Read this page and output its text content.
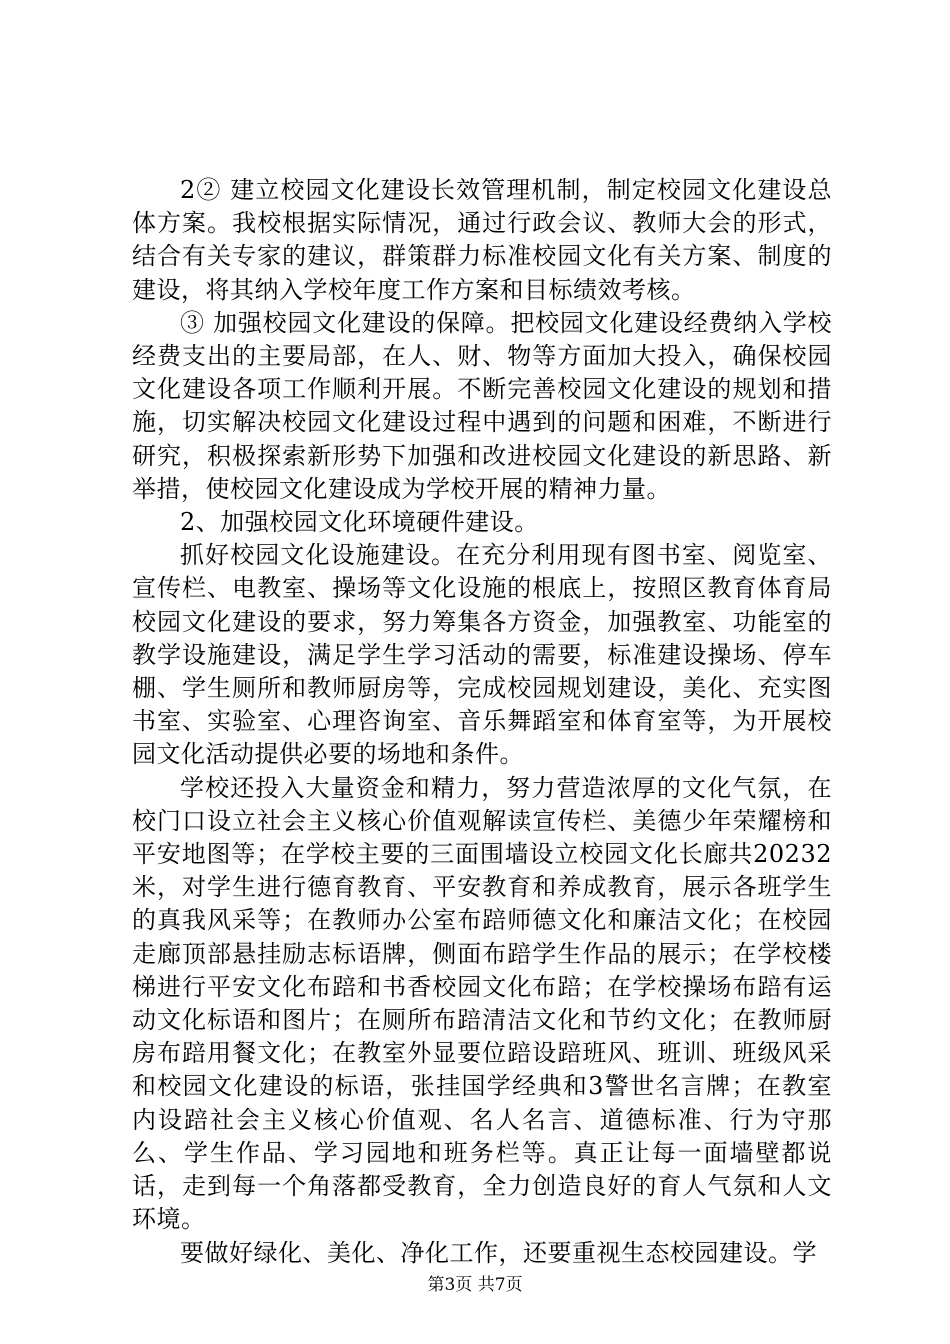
2② 建立校园文化建设长效管理机制，制定校园文化建设总体方案。我校根据实际情况，通过行政会议、教师大会的形式，结合有关专家的建议，群策群力标准校园文化有关方案、制度的建设，将其纳入学校年度工作方案和目标绩效考核。

③ 加强校园文化建设的保障。把校园文化建设经费纳入学校经费支出的主要局部，在人、财、物等方面加大投入，确保校园文化建设各项工作顺利开展。不断完善校园文化建设的规划和措施，切实解决校园文化建设过程中遇到的问题和困难，不断进行研究，积极探索新形势下加强和改进校园文化建设的新思路、新举措，使校园文化建设成为学校开展的精神力量。

2、加强校园文化环境硬件建设。

抓好校园文化设施建设。在充分利用现有图书室、阅览室、宣传栏、电教室、操场等文化设施的根底上，按照区教育体育局校园文化建设的要求，努力筹集各方资金，加强教室、功能室的教学设施建设，满足学生学习活动的需要，标准建设操场、停车棚、学生厕所和教师厨房等，完成校园规划建设，美化、充实图书室、实验室、心理咨询室、音乐舞蹈室和体育室等，为开展校园文化活动提供必要的场地和条件。

学校还投入大量资金和精力，努力营造浓厚的文化气氛，在校门口设立社会主义核心价值观解读宣传栏、美德少年荣耀榜和平安地图等；在学校主要的三面围墙设立校园文化长廊共20232米，对学生进行德育教育、平安教育和养成教育，展示各班学生的真我风采等；在教师办公室布踣师德文化和廉洁文化；在校园走廊顶部悬挂励志标语牌，侧面布踣学生作品的展示；在学校楼梯进行平安文化布踣和书香校园文化布踣；在学校操场布踣有运动文化标语和图片；在厕所布踣清洁文化和节约文化；在教师厨房布踣用餐文化；在教室外显要位踣设踣班风、班训、班级风采和校园文化建设的标语，张挂国学经典和3警世名言牌；在教室内设踣社会主义核心价值观、名人名言、道德标准、行为守那么、学生作品、学习园地和班务栏等。真正让每一面墙壁都说话，走到每一个角落都受教育，全力创造良好的育人气氛和人文环境。

要做好绿化、美化、净化工作，还要重视生态校园建设。学

第3页 共7页
